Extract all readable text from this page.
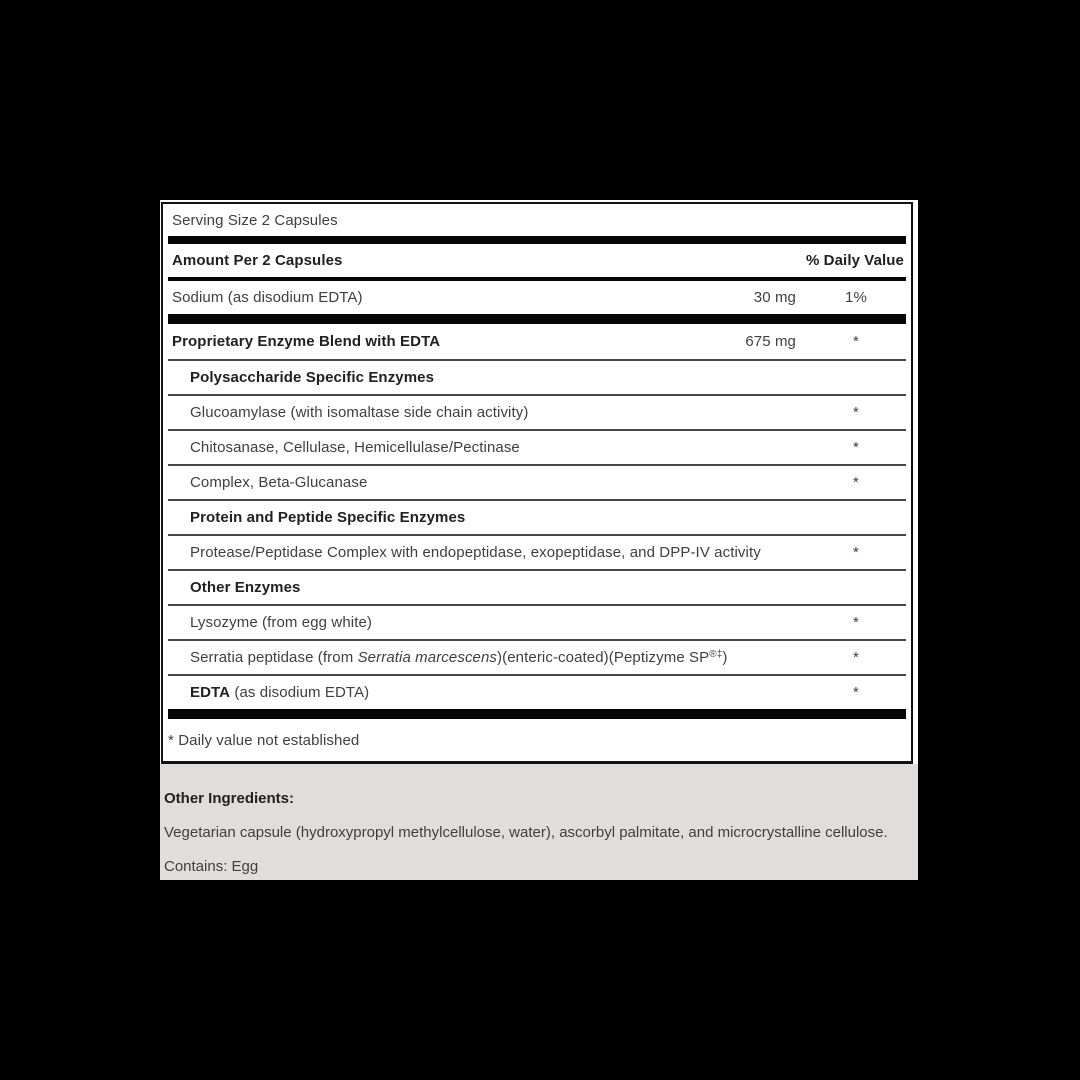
Serving Size 2 Capsules
Amount Per 2 Capsules	% Daily Value
Sodium (as disodium EDTA)	30 mg	1%
Proprietary Enzyme Blend with EDTA	675 mg	*
Polysaccharide Specific Enzymes
Glucoamylase (with isomaltase side chain activity)	*
Chitosanase, Cellulase, Hemicellulase/Pectinase	*
Complex, Beta-Glucanase	*
Protein and Peptide Specific Enzymes
Protease/Peptidase Complex with endopeptidase, exopeptidase, and DPP-IV activity	*
Other Enzymes
Lysozyme (from egg white)	*
Serratia peptidase (from Serratia marcescens)(enteric-coated)(Peptizyme SP®‡)	*
EDTA (as disodium EDTA)	*
* Daily value not established

Other Ingredients:

Vegetarian capsule (hydroxypropyl methylcellulose, water), ascorbyl palmitate, and microcrystalline cellulose.

Contains: Egg
